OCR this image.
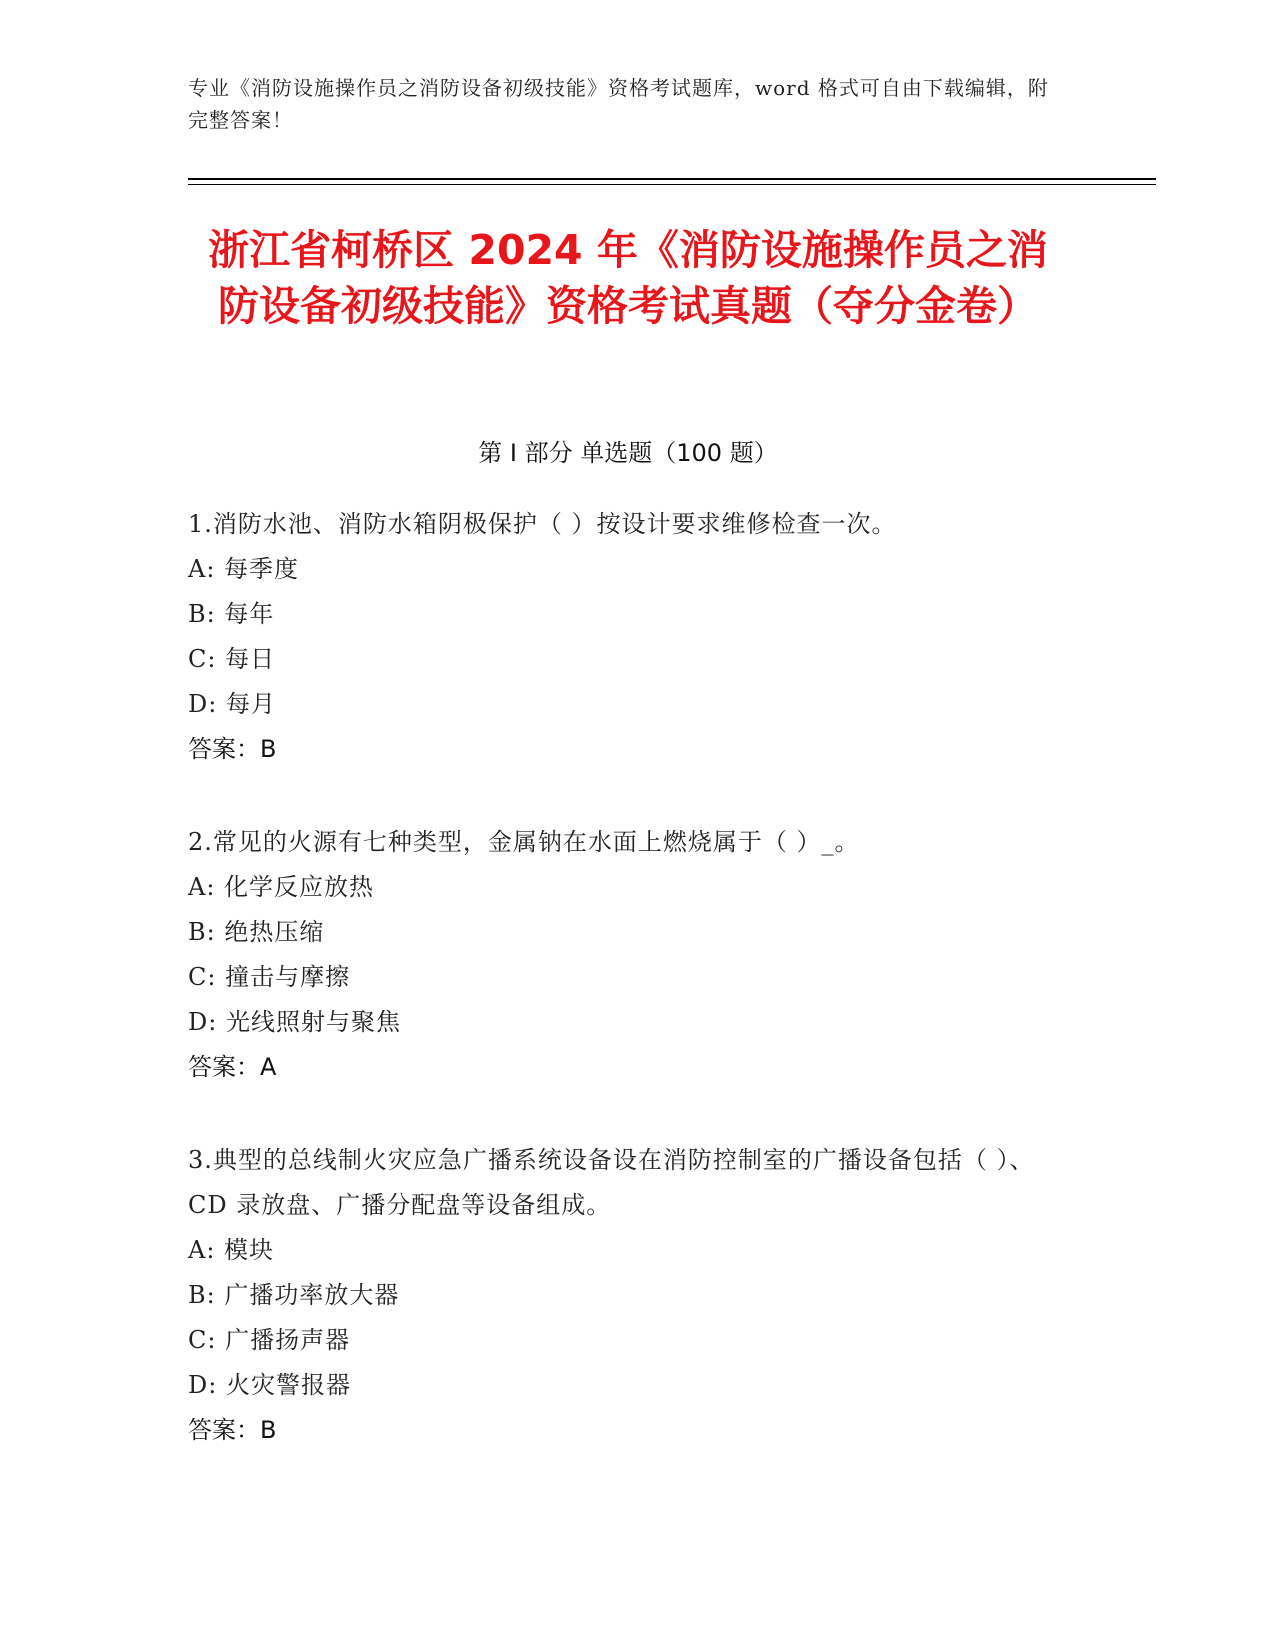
专业《消防设施操作员之消防设备初级技能》资格考试题库，word 格式可自由下载编辑，附完整答案！
浙江省柯桥区 2024 年《消防设施操作员之消防设备初级技能》资格考试真题（夺分金卷）
第 I 部分 单选题（100 题）
1.消防水池、消防水箱阴极保护（ ）按设计要求维修检查一次。
A: 每季度
B: 每年
C: 每日
D: 每月
答案：B
2.常见的火源有七种类型，金属钠在水面上燃烧属于（ ）_。
A: 化学反应放热
B: 绝热压缩
C: 撞击与摩擦
D: 光线照射与聚焦
答案：A
3.典型的总线制火灾应急广播系统设备设在消防控制室的广播设备包括（ ）、CD 录放盘、广播分配盘等设备组成。
A: 模块
B: 广播功率放大器
C: 广播扬声器
D: 火灾警报器
答案：B
